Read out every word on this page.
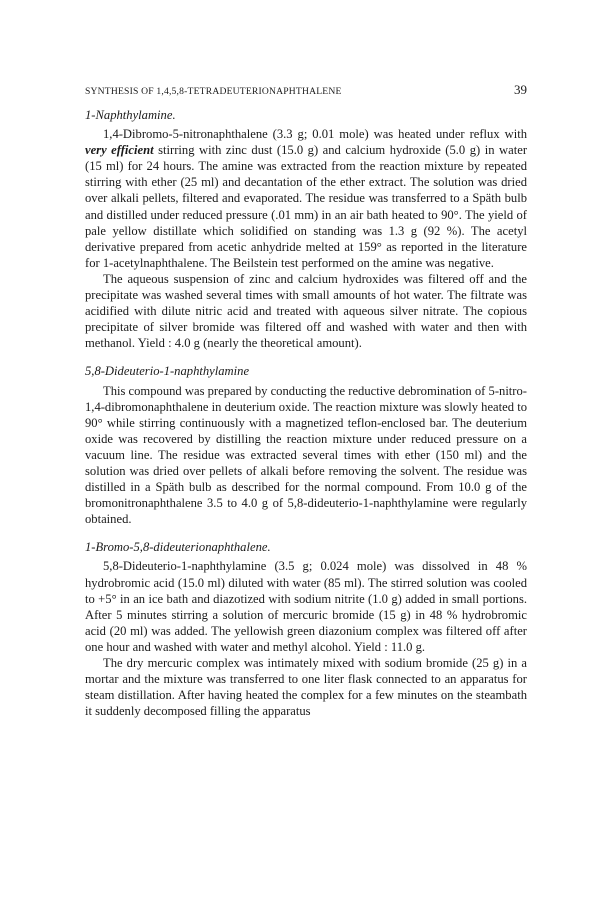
SYNTHESIS OF 1,4,5,8-TETRADEUTERIONAPHTHALENE	39
1-Naphthylamine.

1,4-Dibromo-5-nitronaphthalene (3.3 g; 0.01 mole) was heated under reflux with very efficient stirring with zinc dust (15.0 g) and calcium hydroxide (5.0 g) in water (15 ml) for 24 hours. The amine was extracted from the reaction mixture by repeated stirring with ether (25 ml) and decantation of the ether extract. The solution was dried over alkali pellets, filtered and evaporated. The residue was transferred to a Späth bulb and distilled under reduced pressure (.01 mm) in an air bath heated to 90°. The yield of pale yellow distillate which solidified on standing was 1.3 g (92 %). The acetyl derivative prepared from acetic anhydride melted at 159° as reported in the literature for 1-acetylnaphthalene. The Beilstein test performed on the amine was negative.

The aqueous suspension of zinc and calcium hydroxides was filtered off and the precipitate was washed several times with small amounts of hot water. The filtrate was acidified with dilute nitric acid and treated with aqueous silver nitrate. The copious precipitate of silver bromide was filtered off and washed with water and then with methanol. Yield : 4.0 g (nearly the theoretical amount).

5,8-Dideuterio-1-naphthylamine

This compound was prepared by conducting the reductive debromination of 5-nitro-1,4-dibromonaphthalene in deuterium oxide. The reaction mixture was slowly heated to 90° while stirring continuously with a magnetized teflon-enclosed bar. The deuterium oxide was recovered by distilling the reaction mixture under reduced pressure on a vacuum line. The residue was extracted several times with ether (150 ml) and the solution was dried over pellets of alkali before removing the solvent. The residue was distilled in a Späth bulb as described for the normal compound. From 10.0 g of the bromonitronaphthalene 3.5 to 4.0 g of 5,8-dideuterio-1-naphthylamine were regularly obtained.

1-Bromo-5,8-dideuterionaphthalene.

5,8-Dideuterio-1-naphthylamine (3.5 g; 0.024 mole) was dissolved in 48 % hydrobromic acid (15.0 ml) diluted with water (85 ml). The stirred solution was cooled to +5° in an ice bath and diazotized with sodium nitrite (1.0 g) added in small portions. After 5 minutes stirring a solution of mercuric bromide (15 g) in 48 % hydrobromic acid (20 ml) was added. The yellowish green diazonium complex was filtered off after one hour and washed with water and methyl alcohol. Yield : 11.0 g.

The dry mercuric complex was intimately mixed with sodium bromide (25 g) in a mortar and the mixture was transferred to one liter flask connected to an apparatus for steam distillation. After having heated the complex for a few minutes on the steambath it suddenly decomposed filling the apparatus
